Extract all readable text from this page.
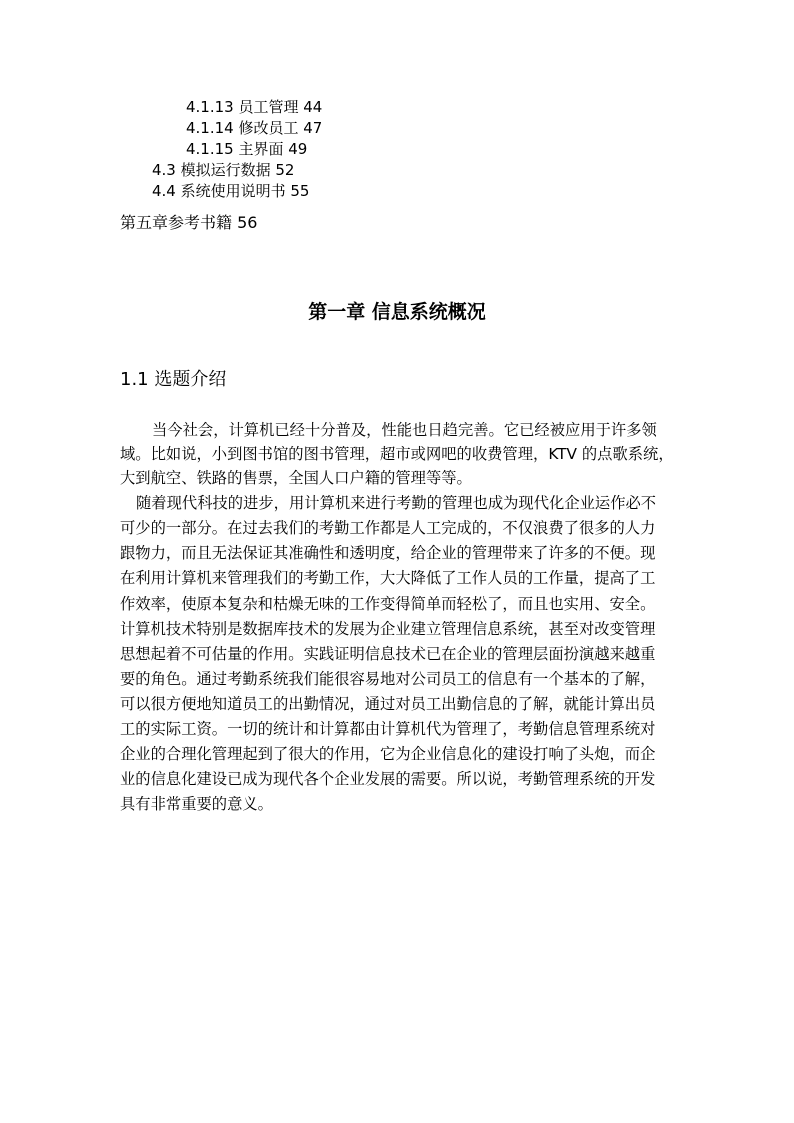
4.1.13 员工管理 44
4.1.14 修改员工 47
4.1.15 主界面 49
4.3 模拟运行数据 52
4.4 系统使用说明书 55
第五章参考书籍 56
第一章 信息系统概况
1.1 选题介绍
当今社会，计算机已经十分普及，性能也日趋完善。它已经被应用于许多领
域。比如说，小到图书馆的图书管理，超市或网吧的收费管理，KTV 的点歌系统，
大到航空、铁路的售票，全国人口户籍的管理等等。
随着现代科技的进步，用计算机来进行考勤的管理也成为现代化企业运作必不
可少的一部分。在过去我们的考勤工作都是人工完成的，不仅浪费了很多的人力
跟物力，而且无法保证其准确性和透明度，给企业的管理带来了许多的不便。现
在利用计算机来管理我们的考勤工作，大大降低了工作人员的工作量，提高了工
作效率，使原本复杂和枯燥无味的工作变得简单而轻松了，而且也实用、安全。
计算机技术特别是数据库技术的发展为企业建立管理信息系统，甚至对改变管理
思想起着不可估量的作用。实践证明信息技术已在企业的管理层面扮演越来越重
要的角色。通过考勤系统我们能很容易地对公司员工的信息有一个基本的了解，
可以很方便地知道员工的出勤情况，通过对员工出勤信息的了解，就能计算出员
工的实际工资。一切的统计和计算都由计算机代为管理了，考勤信息管理系统对
企业的合理化管理起到了很大的作用，它为企业信息化的建设打响了头炮，而企
业的信息化建设已成为现代各个企业发展的需要。所以说，考勤管理系统的开发
具有非常重要的意义。
